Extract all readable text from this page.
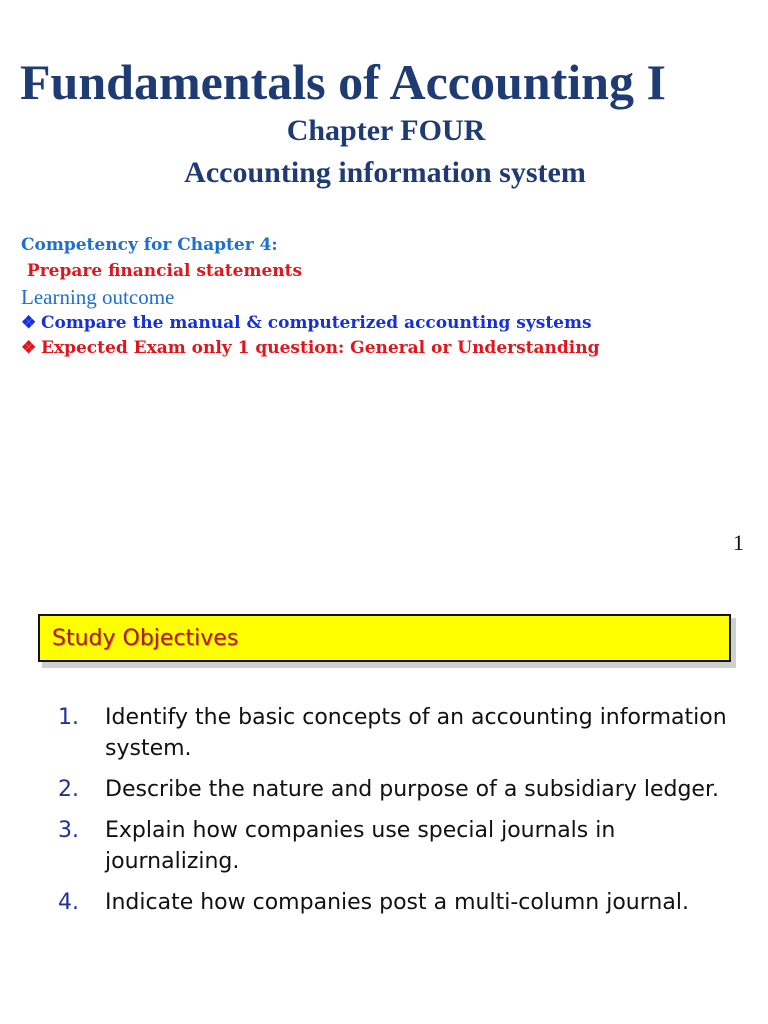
Fundamentals of Accounting I
Chapter FOUR
Accounting information system
Competency for Chapter 4:
Prepare financial statements
Learning outcome
❖ Compare the manual & computerized accounting systems
❖ Expected Exam only 1 question: General or Understanding
1
Study Objectives
1.	Identify the basic concepts of an accounting information system.
2.	Describe the nature and purpose of a subsidiary ledger.
3.	Explain how companies use special journals in journalizing.
4.	Indicate how companies post a multi-column journal.
